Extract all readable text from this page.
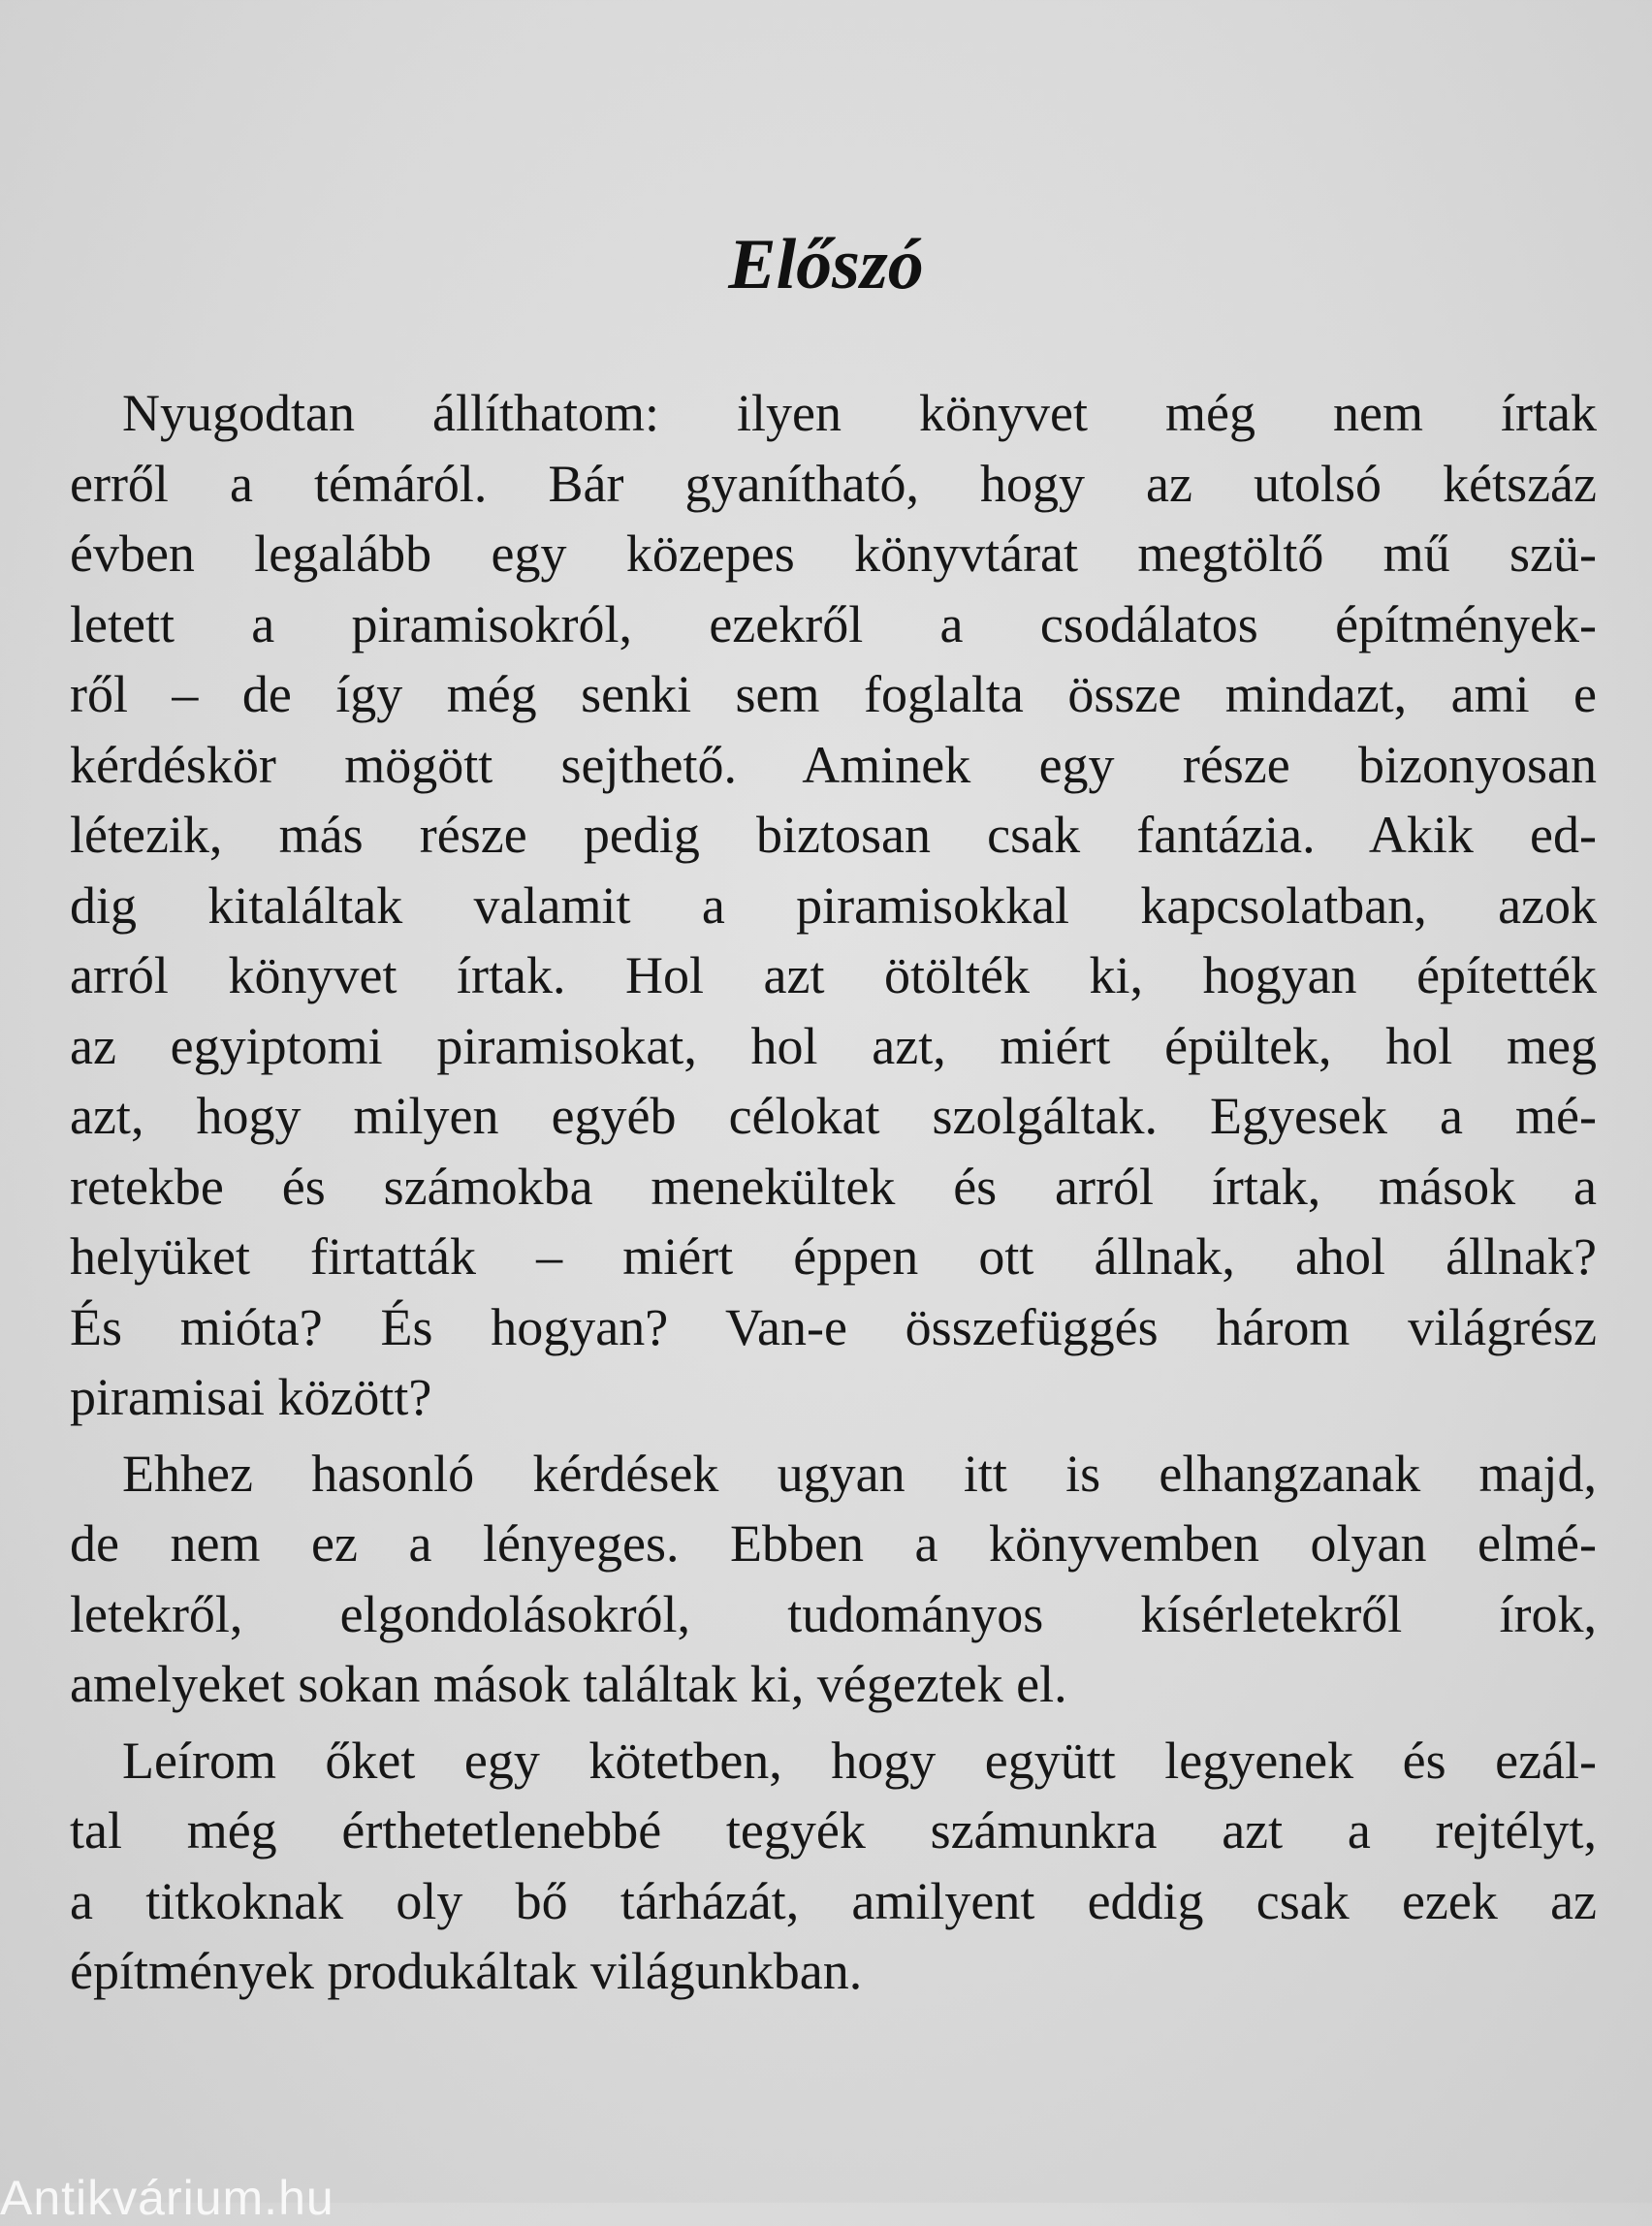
Előszó

Nyugodtan állíthatom: ilyen könyvet még nem írtak
erről a témáról. Bár gyanítható, hogy az utolsó kétszáz
évben legalább egy közepes könyvtárat megtöltő mű szü-
letett a piramisokról, ezekről a csodálatos építmények-
ről – de így még senki sem foglalta össze mindazt, ami e
kérdéskör mögött sejthető. Aminek egy része bizonyosan
létezik, más része pedig biztosan csak fantázia. Akik ed-
dig kitaláltak valamit a piramisokkal kapcsolatban, azok
arról könyvet írtak. Hol azt ötölték ki, hogyan építették
az egyiptomi piramisokat, hol azt, miért épültek, hol meg
azt, hogy milyen egyéb célokat szolgáltak. Egyesek a mé-
retekbe és számokba menekültek és arról írtak, mások a
helyüket firtatták – miért éppen ott állnak, ahol állnak?
És mióta? És hogyan? Van-e összefüggés három világrész
piramisai között?

Ehhez hasonló kérdések ugyan itt is elhangzanak majd,
de nem ez a lényeges. Ebben a könyvemben olyan elmé-
letekről, elgondolásokról, tudományos kísérletekről írok,
amelyeket sokan mások találtak ki, végeztek el.

Leírom őket egy kötetben, hogy együtt legyenek és ezál-
tal még érthetetlenebbé tegyék számunkra azt a rejtélyt,
a titkoknak oly bő tárházát, amilyent eddig csak ezek az
építmények produkáltak világunkban.

Antikvárium.hu
